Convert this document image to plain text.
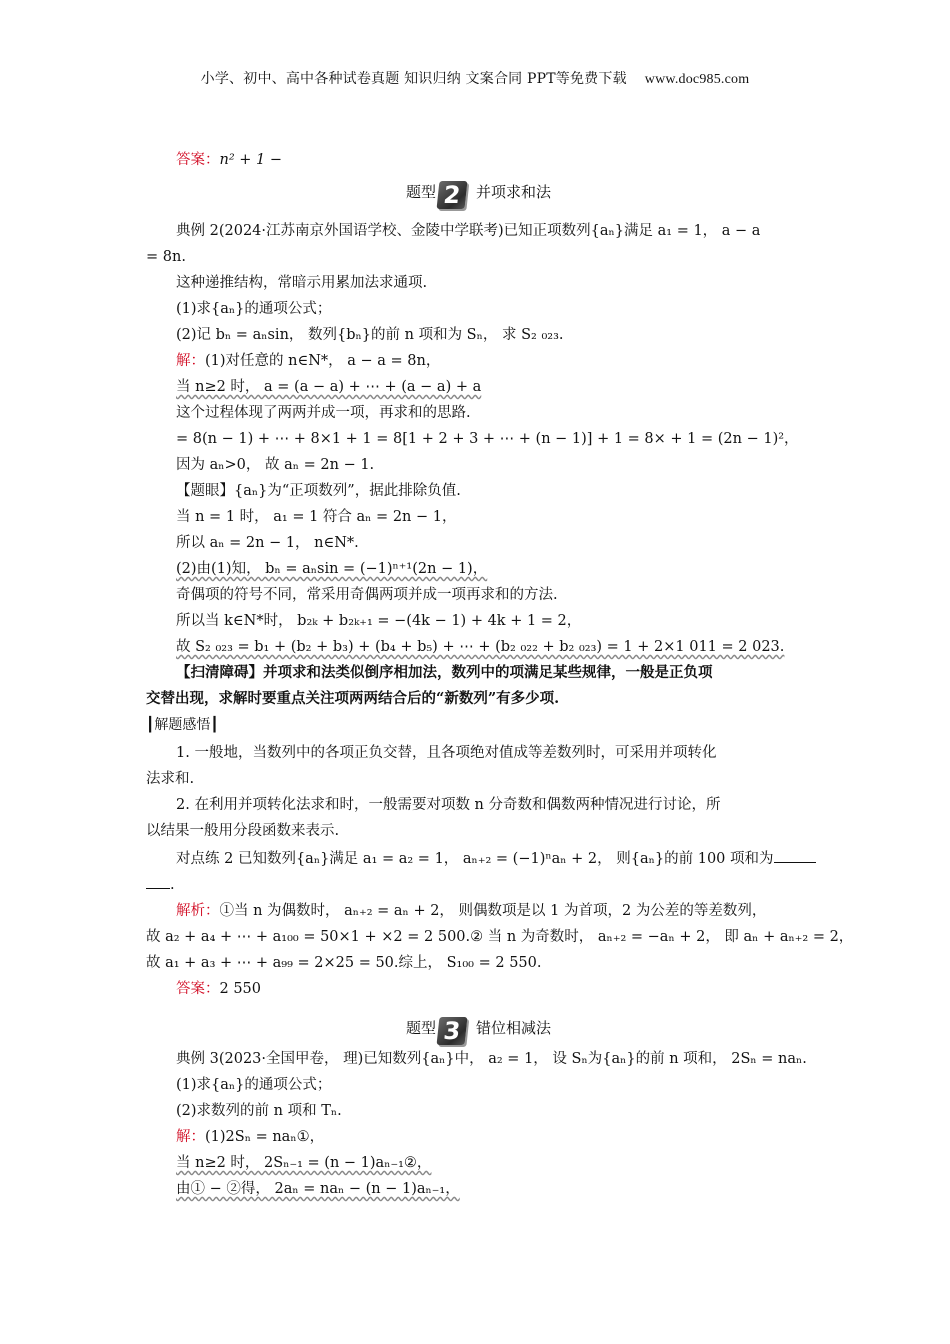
小学、初中、高中各种试卷真题 知识归纳 文案合同 PPT等免费下载 www.doc985.com
答案：n² + 1 −
题型 2 并项求和法
典例 2(2024·江苏南京外国语学校、金陵中学联考)已知正项数列{aₙ}满足 a₁ = 1， a − a
= 8n.
这种递推结构，常暗示用累加法求通项.
(1)求{aₙ}的通项公式；
(2)记 bₙ = aₙsin， 数列{bₙ}的前 n 项和为 Sₙ， 求 S₂ ₀₂₃.
解：(1)对任意的 n∈N*， a − a = 8n，
当 n≥2 时， a = (a − a) + ⋯ + (a − a) + a
这个过程体现了两两并成一项，再求和的思路.
= 8(n − 1) + ⋯ + 8×1 + 1 = 8[1 + 2 + 3 + ⋯ + (n − 1)] + 1 = 8× + 1 = (2n − 1)²，
因为 aₙ>0， 故 aₙ = 2n − 1.
【题眼】{aₙ}为“正项数列”，据此排除负值.
当 n = 1 时， a₁ = 1 符合 aₙ = 2n − 1，
所以 aₙ = 2n − 1， n∈N*.
(2)由(1)知， bₙ = aₙsin = (−1)ⁿ⁺¹(2n − 1)，
奇偶项的符号不同，常采用奇偶两项并成一项再求和的方法.
所以当 k∈N*时， b₂ₖ + b₂ₖ₊₁ = −(4k − 1) + 4k + 1 = 2，
故 S₂ ₀₂₃ = b₁ + (b₂ + b₃) + (b₄ + b₅) + ⋯ + (b₂ ₀₂₂ + b₂ ₀₂₃) = 1 + 2×1 011 = 2 023.
【扫清障碍】并项求和法类似倒序相加法，数列中的项满足某些规律，一般是正负项
交替出现，求解时要重点关注项两两结合后的“新数列”有多少项.
┃解题感悟┃
1. 一般地，当数列中的各项正负交替，且各项绝对值成等差数列时，可采用并项转化
法求和.
2. 在利用并项转化法求和时，一般需要对项数 n 分奇数和偶数两种情况进行讨论，所
以结果一般用分段函数来表示.
对点练 2 已知数列{aₙ}满足 a₁ = a₂ = 1， aₙ₊₂ = (−1)ⁿaₙ + 2， 则{aₙ}的前 100 项和为
.
解析：①当 n 为偶数时， aₙ₊₂ = aₙ + 2， 则偶数项是以 1 为首项，2 为公差的等差数列，
故 a₂ + a₄ + ⋯ + a₁₀₀ = 50×1 + ×2 = 2 500.② 当 n 为奇数时， aₙ₊₂ = −aₙ + 2， 即 aₙ + aₙ₊₂ = 2，
故 a₁ + a₃ + ⋯ + a₉₉ = 2×25 = 50.综上， S₁₀₀ = 2 550.
答案：2 550
题型 3 错位相减法
典例 3(2023·全国甲卷， 理)已知数列{aₙ}中， a₂ = 1， 设 Sₙ为{aₙ}的前 n 项和， 2Sₙ = naₙ.
(1)求{aₙ}的通项公式；
(2)求数列的前 n 项和 Tₙ.
解：(1)2Sₙ = naₙ①，
当 n≥2 时， 2Sₙ₋₁ = (n − 1)aₙ₋₁②，
由① − ②得， 2aₙ = naₙ − (n − 1)aₙ₋₁，
